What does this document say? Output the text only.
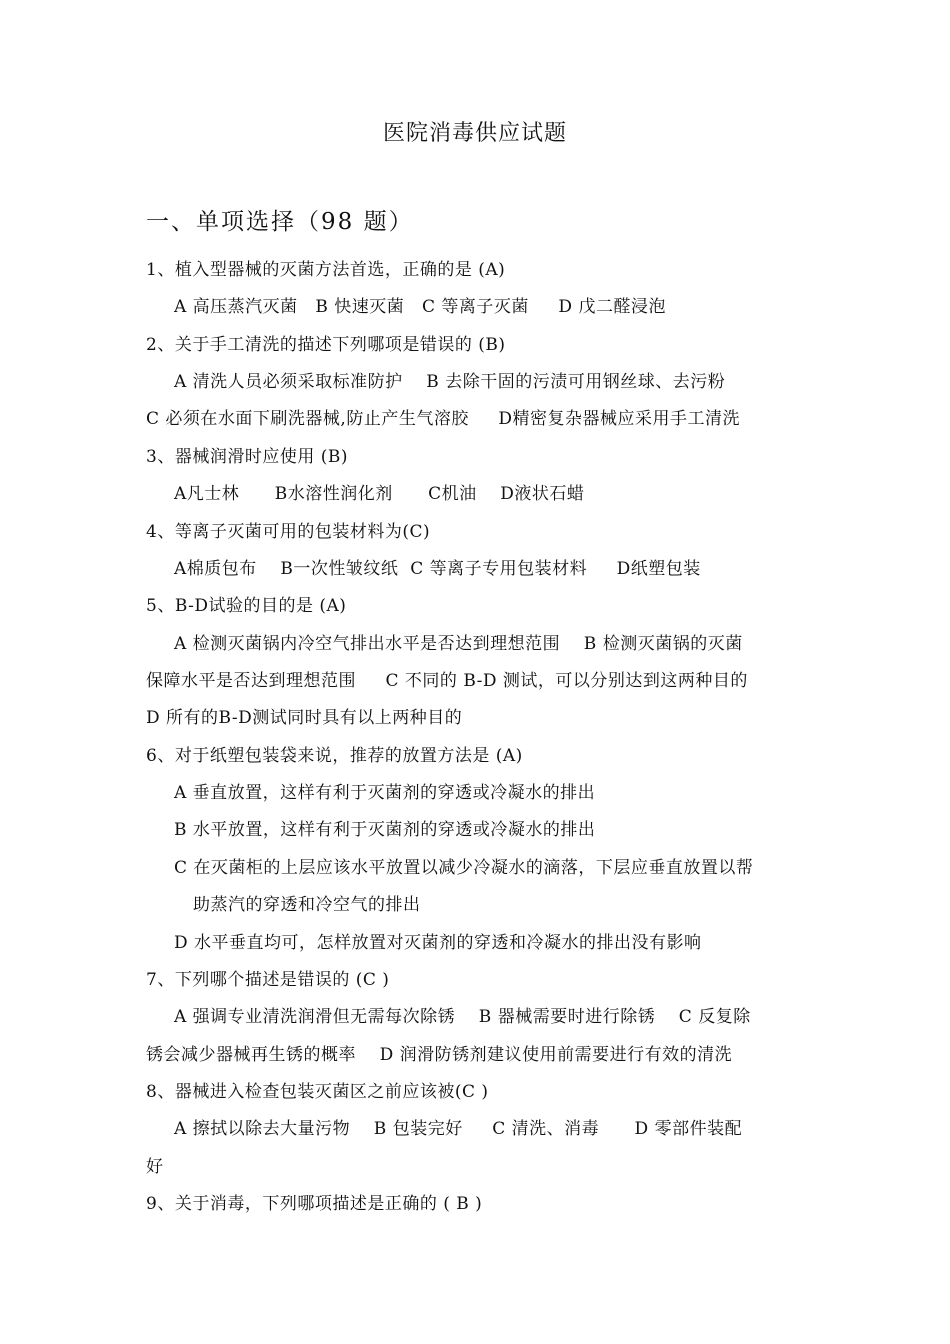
医院消毒供应试题
一、单项选择（98 题）
1、植入型器械的灭菌方法首选，正确的是 (A)
A 高压蒸汽灭菌   B 快速灭菌   C 等离子灭菌     D 戊二醛浸泡
2、关于手工清洗的描述下列哪项是错误的 (B)
A 清洗人员必须采取标准防护    B 去除干固的污渍可用钢丝球、去污粉
C 必须在水面下刷洗器械,防止产生气溶胶     D精密复杂器械应采用手工清洗
3、器械润滑时应使用 (B)
A凡士林      B水溶性润化剂      C机油    D液状石蜡
4、等离子灭菌可用的包装材料为(C)
A棉质包布    B一次性皱纹纸  C 等离子专用包装材料     D纸塑包装
5、B-D试验的目的是 (A)
A 检测灭菌锅内冷空气排出水平是否达到理想范围    B 检测灭菌锅的灭菌
保障水平是否达到理想范围     C 不同的 B-D 测试，可以分别达到这两种目的
D 所有的B-D测试同时具有以上两种目的
6、对于纸塑包装袋来说，推荐的放置方法是 (A)
A 垂直放置，这样有利于灭菌剂的穿透或冷凝水的排出
B 水平放置，这样有利于灭菌剂的穿透或冷凝水的排出
C 在灭菌柜的上层应该水平放置以减少冷凝水的滴落，下层应垂直放置以帮
助蒸汽的穿透和冷空气的排出
D 水平垂直均可，怎样放置对灭菌剂的穿透和冷凝水的排出没有影响
7、下列哪个描述是错误的 (C )
A 强调专业清洗润滑但无需每次除锈    B 器械需要时进行除锈    C 反复除
锈会减少器械再生锈的概率    D 润滑防锈剂建议使用前需要进行有效的清洗
8、器械进入检查包装灭菌区之前应该被(C )
A 擦拭以除去大量污物    B 包装完好     C 清洗、消毒      D 零部件装配
好
9、关于消毒，下列哪项描述是正确的 ( B )
